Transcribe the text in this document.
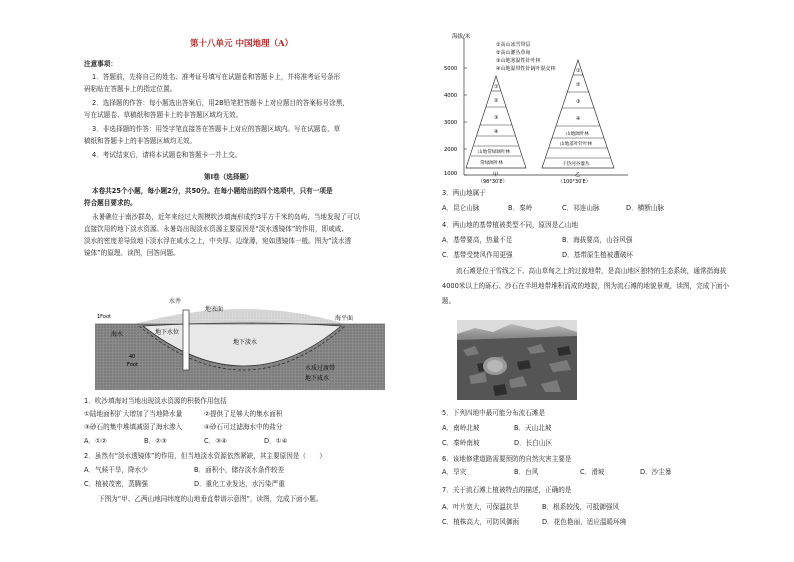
第十八单元 中国地理（A）
注意事项：
1．答题前，先将自己的姓名、准考证号填写在试题卷和答题卡上，并将准考证号条形
码粘贴在答题卡上的指定位置。
2．选择题的作答：每小题选出答案后，用2B铅笔把答题卡上对应题目的答案标号涂黑，
写在试题卷、草稿纸和答题卡上的非答题区域均无效。
3．非选择题的作答：用签字笔直接答在答题卡上对应的答题区域内。写在试题卷、草
稿纸和答题卡上的非答题区域均无效。
4．考试结束后，请将本试题卷和答题卡一并上交。
第Ⅰ卷（选择题）
本卷共25个小题，每小题2分，共50分。在每小题给出的四个选项中，只有一项是
符合题目要求的。
永暑礁位于南沙群岛，近年来经过大规模吹沙填海形成约3平方千米的岛屿，当地发现了可以
直接饮用的地下淡水资源。永暑岛出现淡水资源主要原因是“淡水透镜体”的作用，即咸咸、
淡水的密度差导致地下淡水浮在咸水之上，中央厚、边缘薄，宛如透镜体一般。图为“淡水透
镜体”的原理。读图，回答问题。
水井
地表面
海平面
海水	地下水位
地下淡水
水质过渡带
地下咸水
1Foot
40
Foot
1．吹沙填海对当地出现淡水资源的积极作用包括
①陆地面积扩大增加了当地降水量	②提供了足够大的集水面积
③砂石的集中堆填减弱了海水渗入	④砂石可过滤海水中的盐分
A．①②	B．②③	C．③④	D．①④
2．虽然有“淡水透镜体”的作用，但当地淡水资源依然紧缺，其主要原因是（　　）
A．气候干旱，降水少	B．面积小，储存淡水条件较差
C．植被茂密，蒸腾强	D．重化工业发达，水污染严重
下图为“甲、乙两山地同纬度的山地垂直带谱示意图”，读图，完成下面小题。
海拔/米
5000
4000
3000
2000
1000
①高山冰雪带层
②高山灌丛草甸
③山地寒温性针叶林
④山地温带性针阔叶混交林
①
②
③
④
山地常绿阔叶林
常绿阔叶林
甲
（98°30′E）
①
②
③
④
山地阔叶林
山地落叶针叶林
干热河谷灌丛
乙
（100°30′E）
3．两山地属于
A．昆仑山脉	B．秦岭	C．祁连山脉	D．横断山脉
4．两山地的基带植被类型不同，原因是乙山地
A．基带要高，热量不足	B．海拔要高，山谷风强
C．基带受焚风作用更强	D．基带原生植被遭破坏
流石滩是位于雪线之下、高山草甸之上的过渡地带，是高山地区独特的生态系统，通常指海拔
4000米以上的砾石、沙石在半坦地带堆积而成的地貌，图为流石滩的地貌景观，读图，完成下面小
题。
5．下列四地中最可能分布流石滩是
A．南岭北坡	B．天山北坡
C．秦岭南坡	D．长白山区
6．该地修建道路需要预防的自然灾害主要是
A．旱灾	B．台风	C．滑坡	D．沙尘暴
7．关于流石滩上植被特点的描述，正确的是
A．叶片宽大，可保温抗旱	B．根系较浅，可抵御强风
C．植株高大，可防风御雨	D．花色艳丽，适应温暖环境
